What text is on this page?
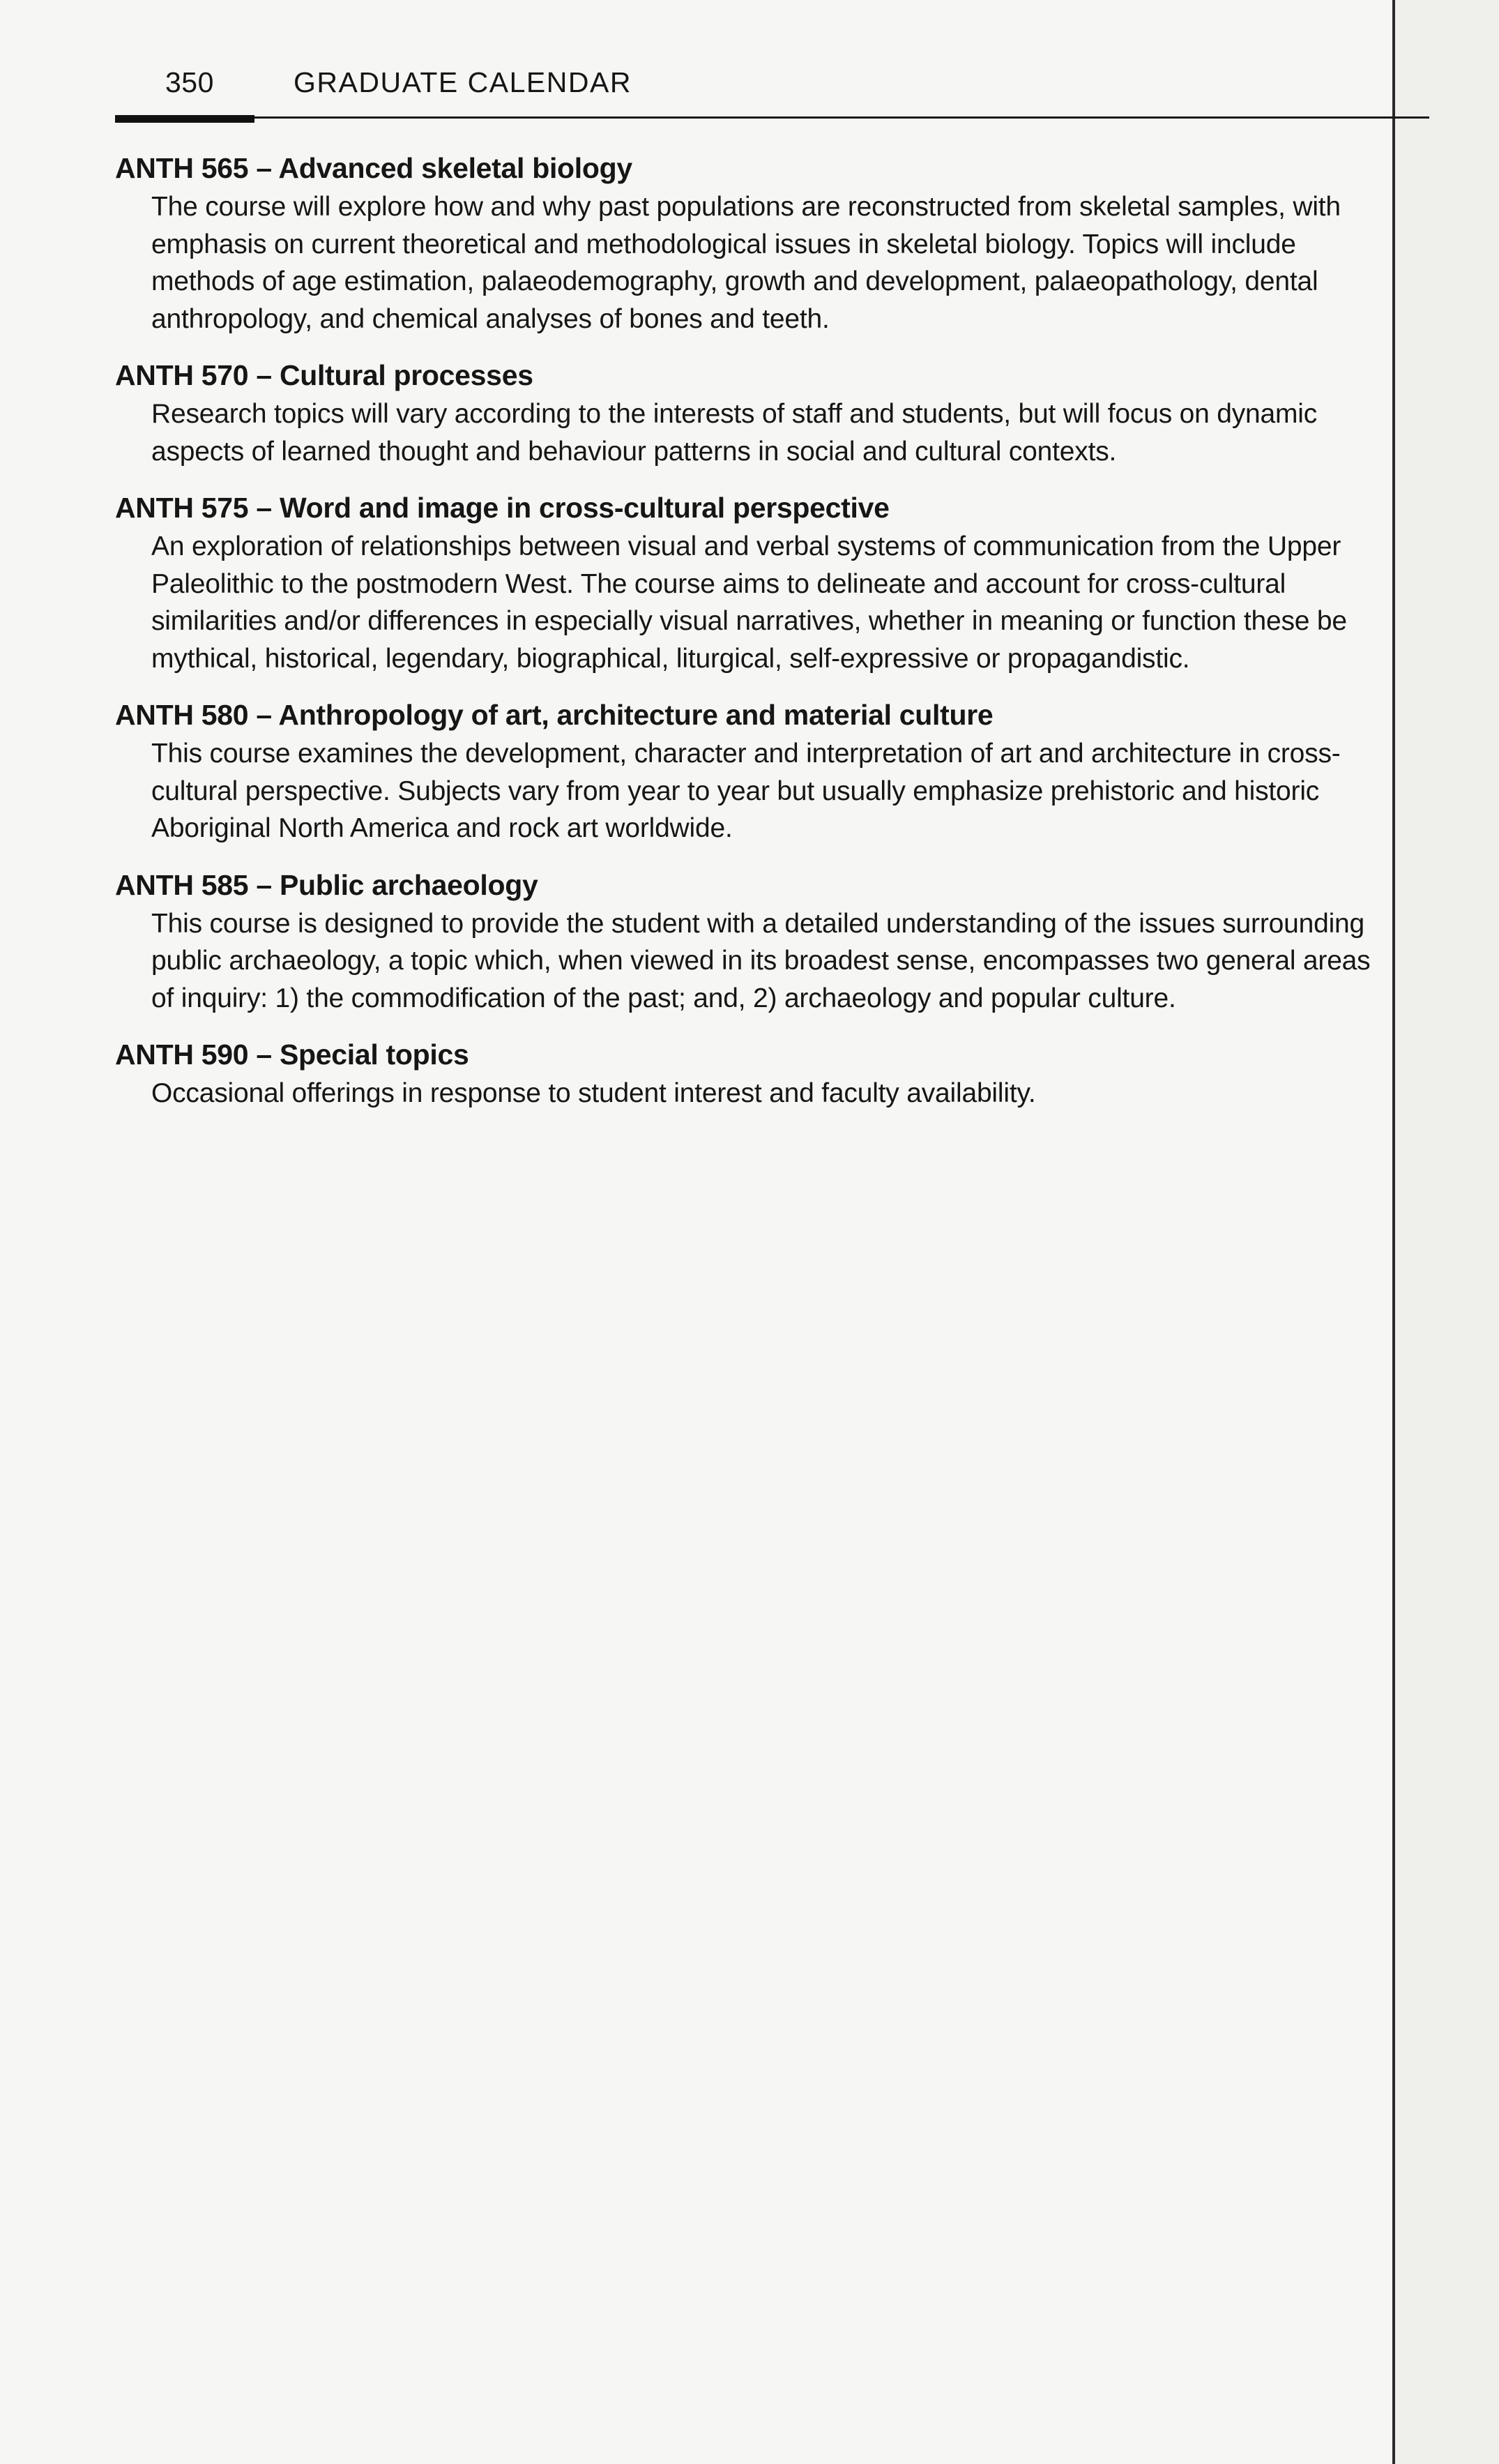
350	GRADUATE CALENDAR

ANTH 565 – Advanced skeletal biology

The course will explore how and why past populations are reconstructed from skeletal samples, with emphasis on current theoretical and methodological issues in skeletal biology. Topics will include methods of age estimation, palaeodemography, growth and development, palaeopathology, dental anthropology, and chemical analyses of bones and teeth.

ANTH 570 – Cultural processes

Research topics will vary according to the interests of staff and students, but will focus on dynamic aspects of learned thought and behaviour patterns in social and cultural contexts.

ANTH 575 – Word and image in cross-cultural perspective

An exploration of relationships between visual and verbal systems of communication from the Upper Paleolithic to the postmodern West. The course aims to delineate and account for cross-cultural similarities and/or differences in especially visual narratives, whether in meaning or function these be mythical, historical, legendary, biographical, liturgical, self-expressive or propagandistic.

ANTH 580 – Anthropology of art, architecture and material culture

This course examines the development, character and interpretation of art and architecture in cross-cultural perspective. Subjects vary from year to year but usually emphasize prehistoric and historic Aboriginal North America and rock art worldwide.

ANTH 585 – Public archaeology

This course is designed to provide the student with a detailed understanding of the issues surrounding public archaeology, a topic which, when viewed in its broadest sense, encompasses two general areas of inquiry: 1) the commodification of the past; and, 2) archaeology and popular culture.

ANTH 590 – Special topics

Occasional offerings in response to student interest and faculty availability.
